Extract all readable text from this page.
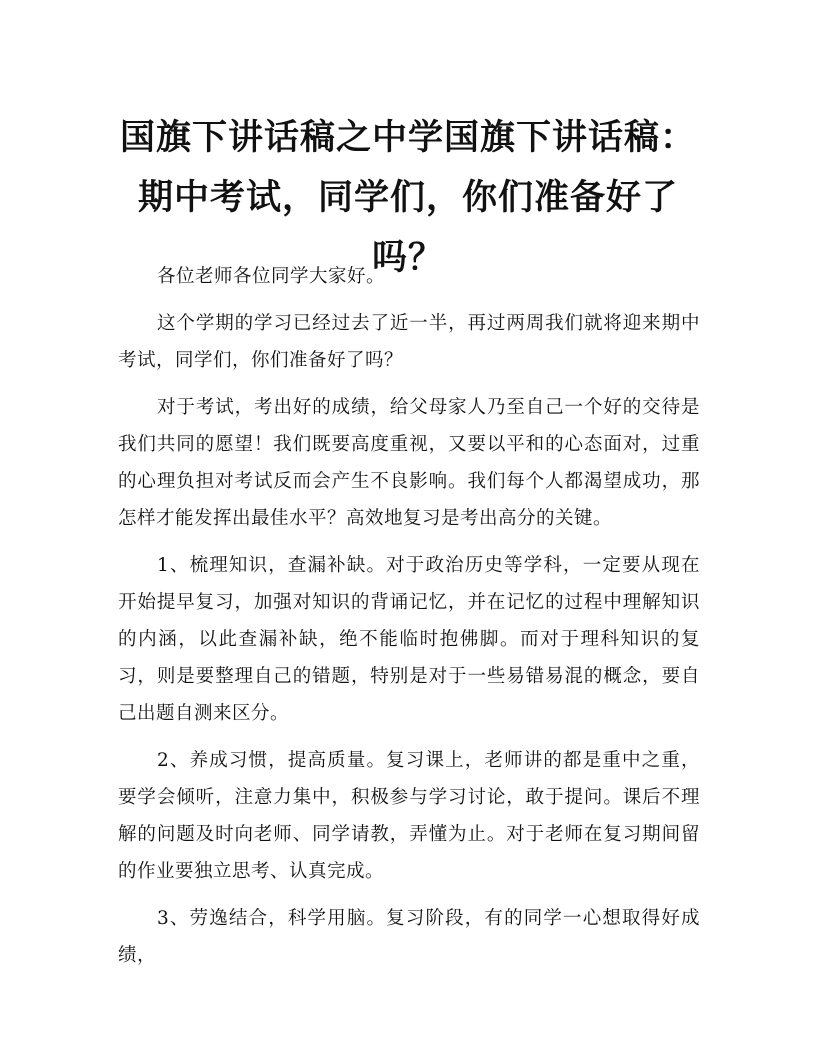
国旗下讲话稿之中学国旗下讲话稿：期中考试，同学们，你们准备好了吗？

各位老师各位同学大家好。

这个学期的学习已经过去了近一半，再过两周我们就将迎来期中考试，同学们，你们准备好了吗？

对于考试，考出好的成绩，给父母家人乃至自己一个好的交待是我们共同的愿望！我们既要高度重视，又要以平和的心态面对，过重的心理负担对考试反而会产生不良影响。我们每个人都渴望成功，那怎样才能发挥出最佳水平？高效地复习是考出高分的关键。

1、梳理知识，查漏补缺。对于政治历史等学科，一定要从现在开始提早复习，加强对知识的背诵记忆，并在记忆的过程中理解知识的内涵，以此查漏补缺，绝不能临时抱佛脚。而对于理科知识的复习，则是要整理自己的错题，特别是对于一些易错易混的概念，要自己出题自测来区分。

2、养成习惯，提高质量。复习课上，老师讲的都是重中之重，要学会倾听，注意力集中，积极参与学习讨论，敢于提问。课后不理解的问题及时向老师、同学请教，弄懂为止。对于老师在复习期间留的作业要独立思考、认真完成。

3、劳逸结合，科学用脑。复习阶段，有的同学一心想取得好成绩，
